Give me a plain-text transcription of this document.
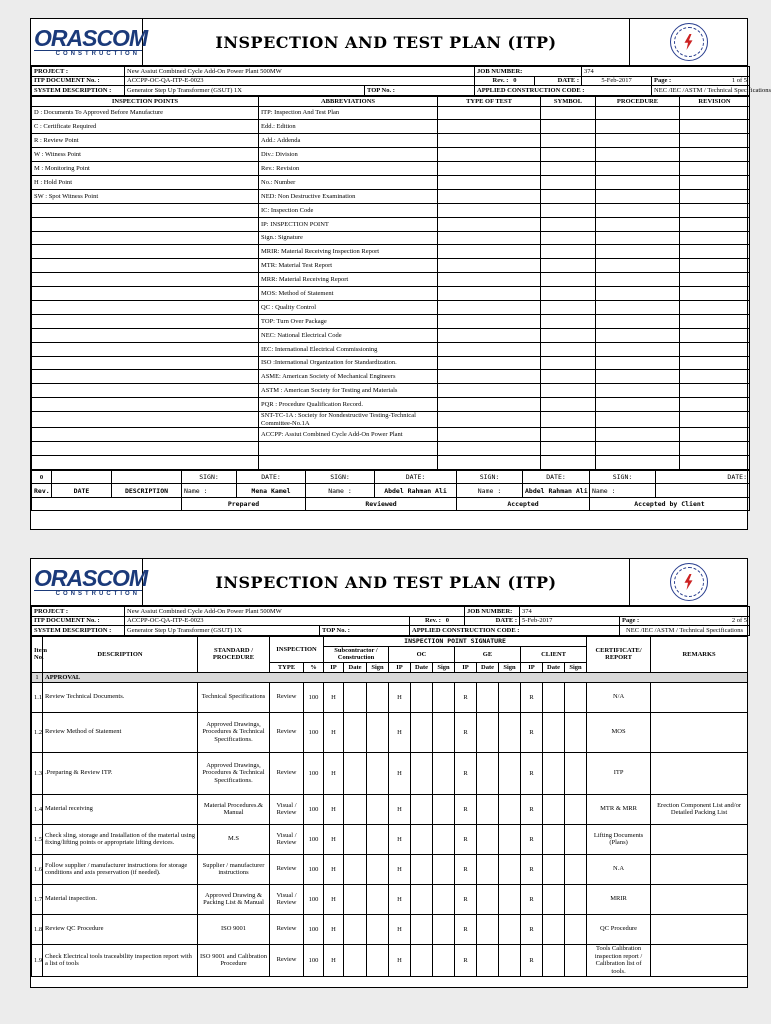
ORASCOM
CONSTRUCTION
INSPECTION AND TEST PLAN (ITP)
PROJECT :	New Assiut Combined Cycle Add-On Power Plant 500MW		JOB NUMBER:		374	
ITP DOCUMENT No. :	ACCPP-OC-QA-ITP-E-0023		Rev. : 0	DATE :	5-Feb-2017	Page : 1 of 5

SYSTEM DESCRIPTION :	Generator Step Up Transformer (GSUT) 1X	TOP No. :	APPLIED CONSTRUCTION CODE :			NEC /IEC /ASTM / Technical Specifications
INSPECTION POINTS	ABBREVIATIONS	TYPE OF TEST	SYMBOL	PROCEDURE	REVISION
D : Documents To Approved Before Manufacture	ITP: Inspection And Test Plan				
C : Certificate Required	Edd.: Edition				
R : Review Point	Add.: Addenda				
W : Witness Point	Div.: Division				
M : Monitoring Point	Rev.: Revision				
H : Hold Point	No.: Number				
SW : Spot Witness Point	NED: Non Destructive Examination				
	IC: Inspection Code				
	IP: INSPECTION POINT				
	Sign.: Signature				
	MRIR: Material Receiving Inspection Report				
	MTR: Material Test Report				
	MRR: Material Receiving Report				
	MOS: Method of Statement				
	QC : Quality Control				
	TOP: Turn Over Package				
	NEC: National Electrical Code				
	IEC: International Electrical Commissioning				
	ISO :International Organization for Standardization.				
	ASME: American Society of Mechanical Engineers				
	ASTM : American Society for Testing and Materials				
	PQR : Procedure Qualification Record.				
	SNT-TC-1A : Society for Nondestructive Testing-Technical Committee-No.1A				
	ACCPP: Assiut Combined Cycle Add-On Power Plant				

0			SIGN:	DATE:	SIGN:	DATE:	SIGN:	DATE:	SIGN:	DATE:
Rev.	DATE	DESCRIPTION	Name :	Mena Kamel	Name :	Abdel Rahman Ali	Name :	Abdel Rahman Ali	Name :	
			Prepared		Reviewed		Accepted		Accepted by Client	
ORASCOM
CONSTRUCTION
INSPECTION AND TEST PLAN (ITP)
PROJECT :	New Assiut Combined Cycle Add-On Power Plant 500MW			JOB NUMBER:	374	
ITP DOCUMENT No. :	ACCPP-OC-QA-ITP-E-0023		Rev. : 0	DATE :	5-Feb-2017	Page : 2 of 5

SYSTEM DESCRIPTION :	Generator Step Up Transformer (GSUT) 1X	TOP No. :	APPLIED CONSTRUCTION CODE :			NEC /IEC /ASTM / Technical Specifications
Item No.	DESCRIPTION	STANDARD / PROCEDURE	INSPECTION		INSPECTION POINT SIGNATURE												CERTIFICATE/ REPORT	REMARKS
					Subcontractor / Construction			OC			GE			CLIENT				
			TYPE	%	IP	Date	Sign	IP	Date	Sign	IP	Date	Sign	IP	Date	Sign		
1	APPROVAL																	
1.1	Review Technical Documents.	Technical Specifications	Review	100	H			H			R			R			N/A	
1.2	Review Method of Statement	Approved Drawings, Procedures & Technical Specifications.	Review	100	H			H			R			R			MOS	
1.3	.Preparing & Review ITP.	Approved Drawings, Procedures & Technical Specifications.	Review	100	H			H			R			R			ITP	
1.4	Material receiving	Material Procedures.& Manual	Visual / Review	100	H			H			R			R			MTR & MRR	Erection Component List and/or Detailed Packing List
1.5	Check sling, storage and Installation of the material using fixing/lifting points or appropriate lifting devices.	M.S	Visual / Review	100	H			H			R			R			Lifting Documents (Plans)	
1.6	Follow supplier / manufacturer instructions for storage conditions and axis preservation (if needed).	Supplier / manufacturer instructions	Review	100	H			H			R			R			N.A	
1.7	Material inspection.	Approved Drawing & Packing List & Manual	Visual / Review	100	H			H			R			R			MRIR	
1.8	Review QC Procedure	ISO 9001	Review	100	H			H			R			R			QC Procedure	
1.9	Check Electrical tools traceability inspection report with a list of tools	ISO 9001 and Calibration Procedure	Review	100	H			H			R			R			Tools Calibration inspection report / Calibration list of tools.	
